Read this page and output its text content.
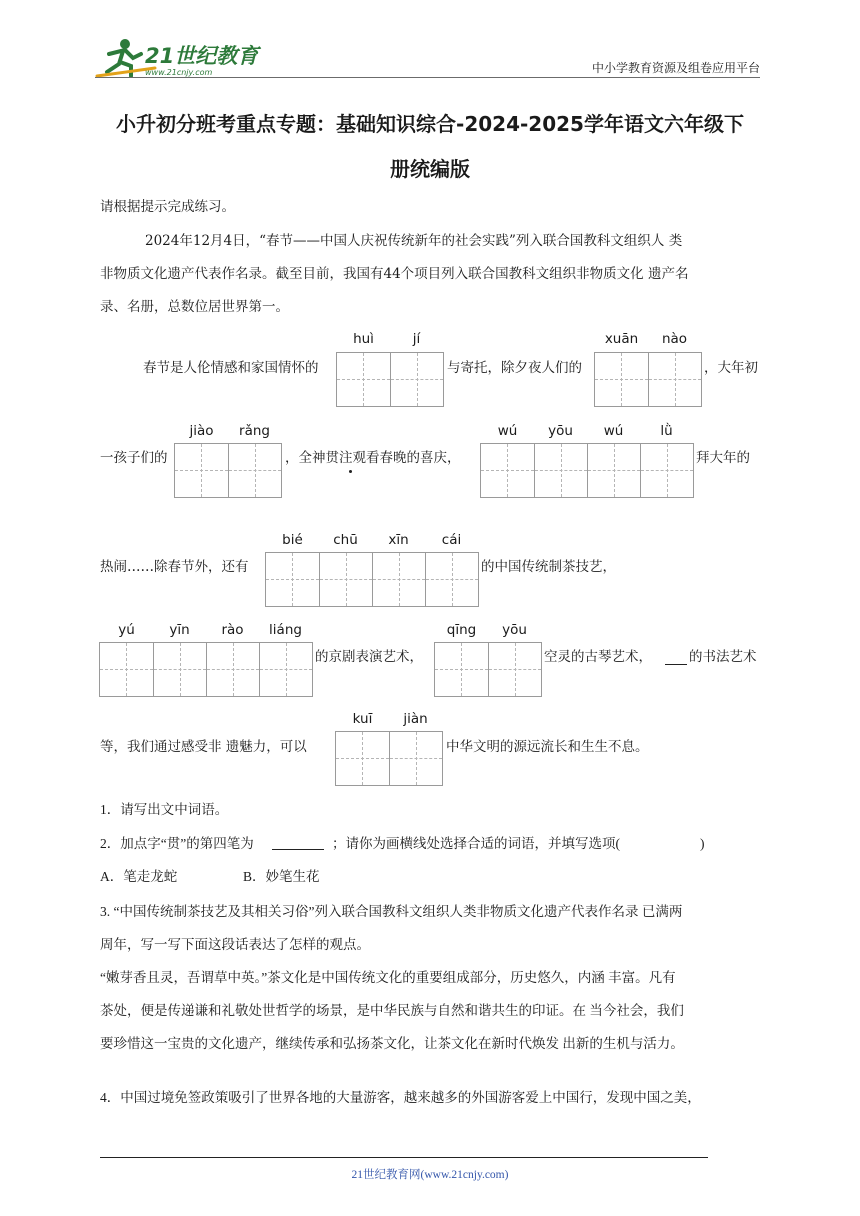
21世纪教育
www.21cnjy.com	中小学教育资源及组卷应用平台
小升初分班考重点专题：基础知识综合-2024-2025学年语文六年级下
册统编版
请根据提示完成练习。
2024年12月4日，“春节——中国人庆祝传统新年的社会实践”列入联合国教科文组织人 类
非物质文化遗产代表作名录。截至目前，我国有44个项目列入联合国教科文组织非物质文化 遗产名
录、名册，总数位居世界第一。
春节是人伦情感和家国情怀的
huì	jí
与寄托，除夕夜人们的
xuān	nào
，大年初
一孩子们的
jiào	rǎng
，全神贯注观看春晚的喜庆，
wú	yōu	wú	lǜ
拜大年的
热闹……除春节外，还有
bié	chū	xīn	cái
的中国传统制茶技艺，
yú	yīn	rào	liáng
的京剧表演艺术，
qīng	yōu
空灵的古琴艺术，	的书法艺术
等，我们通过感受非 遗魅力，可以
kuī	jiàn
中华文明的源远流长和生生不息。
1．请写出文中词语。
2．加点字“贯”的第四笔为	；请你为画横线处选择合适的词语，并填写选项(	)
A．笔走龙蛇	B．妙笔生花
3. “中国传统制茶技艺及其相关习俗”列入联合国教科文组织人类非物质文化遗产代表作名录 已满两
周年，写一写下面这段话表达了怎样的观点。
“嫩芽香且灵，吾谓草中英。”茶文化是中国传统文化的重要组成部分，历史悠久，内涵 丰富。凡有
茶处，便是传递谦和礼敬处世哲学的场景，是中华民族与自然和谐共生的印证。在 当今社会，我们
要珍惜这一宝贵的文化遗产，继续传承和弘扬茶文化，让茶文化在新时代焕发 出新的生机与活力。
4．中国过境免签政策吸引了世界各地的大量游客，越来越多的外国游客爱上中国行，发现中国之美，
21世纪教育网(www.21cnjy.com)
